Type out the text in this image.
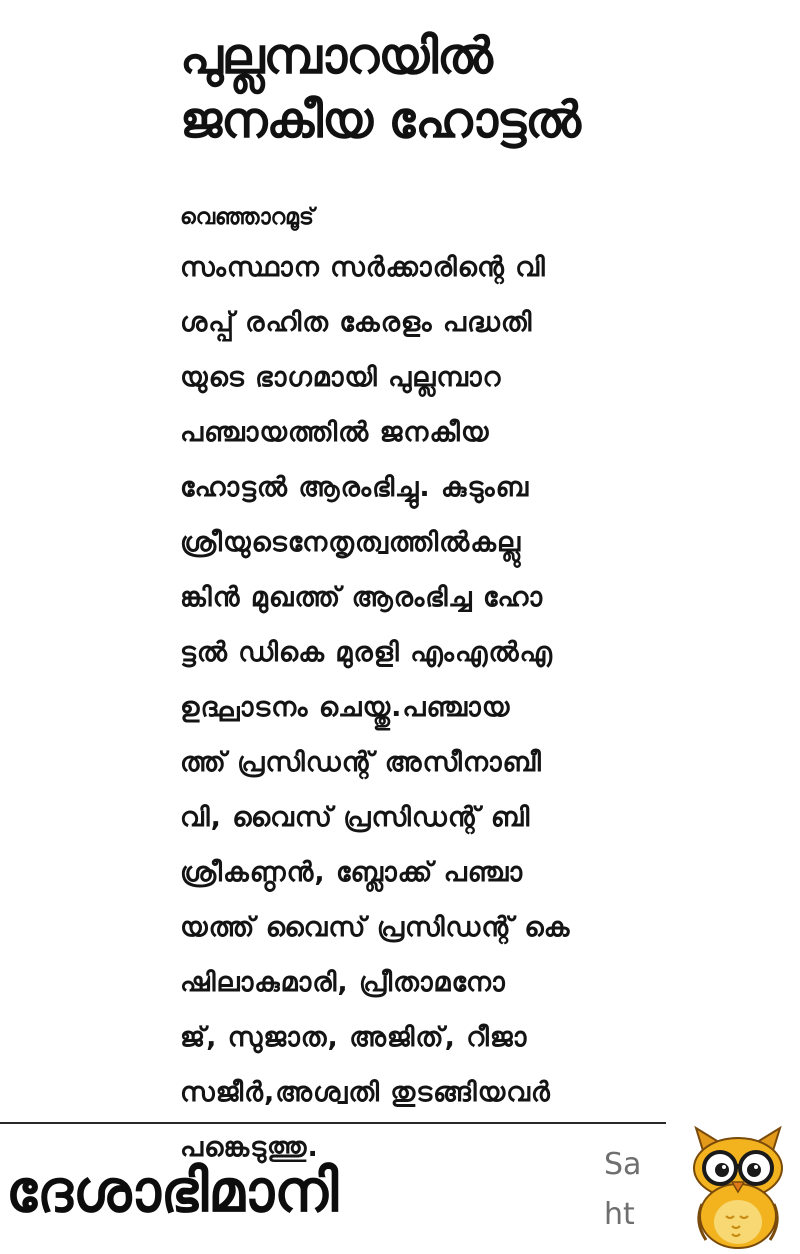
പുല്ലമ്പാറയിൽ
ജനകീയ ഹോട്ടൽ
വെഞ്ഞാറമൂട്
സംസ്ഥാന സർക്കാരിന്റെ വി
ശപ്പ് രഹിത കേരളം പദ്ധതി
യുടെ ഭാഗമായി പുല്ലമ്പാറ
പഞ്ചായത്തിൽ ജനകീയ
ഹോട്ടൽ ആരംഭിച്ചു. കുടുംബ
ശ്രീയുടെനേതൃത്വത്തിൽകല്ലു
ങ്കിൻ മുഖത്ത് ആരംഭിച്ച ഹോ
ട്ടൽ ഡികെ മുരളി എംഎൽഎ
ഉദ്ഘാടനം ചെയ്തു.പഞ്ചായ
ത്ത് പ്രസിഡന്റ് അസീനാബീ
വി, വൈസ് പ്രസിഡന്റ് ബി
ശ്രീകണ്ഠൻ, ബ്ലോക്ക് പഞ്ചാ
യത്ത് വൈസ് പ്രസിഡന്റ് കെ
ഷിലാകുമാരി, പ്രീതാമനോ
ജ്, സുജാത, അജിത്, റീജാ
സജീർ,അശ്വതി തുടങ്ങിയവർ
പങ്കെടുത്തു.
ദേശാഭിമാനി	Sa
ht
